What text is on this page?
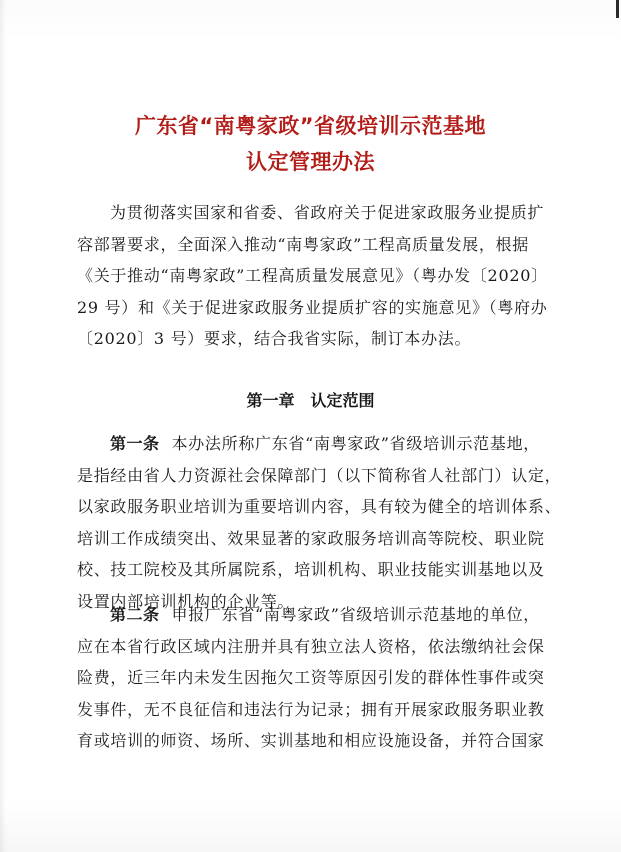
广东省“南粤家政”省级培训示范基地
认定管理办法
为贯彻落实国家和省委、省政府关于促进家政服务业提质扩
容部署要求，全面深入推动“南粤家政”工程高质量发展，根据
《关于推动“南粤家政”工程高质量发展意见》（粤办发〔2020〕
29 号）和《关于促进家政服务业提质扩容的实施意见》（粤府办
〔2020〕3 号）要求，结合我省实际，制订本办法。
第一章 认定范围
第一条 本办法所称广东省“南粤家政”省级培训示范基地，
是指经由省人力资源社会保障部门（以下简称省人社部门）认定，
以家政服务职业培训为重要培训内容，具有较为健全的培训体系、
培训工作成绩突出、效果显著的家政服务培训高等院校、职业院
校、技工院校及其所属院系，培训机构、职业技能实训基地以及
设置内部培训机构的企业等。
第二条 申报广东省“南粤家政”省级培训示范基地的单位，
应在本省行政区域内注册并具有独立法人资格，依法缴纳社会保
险费，近三年内未发生因拖欠工资等原因引发的群体性事件或突
发事件，无不良征信和违法行为记录；拥有开展家政服务职业教
育或培训的师资、场所、实训基地和相应设施设备，并符合国家
